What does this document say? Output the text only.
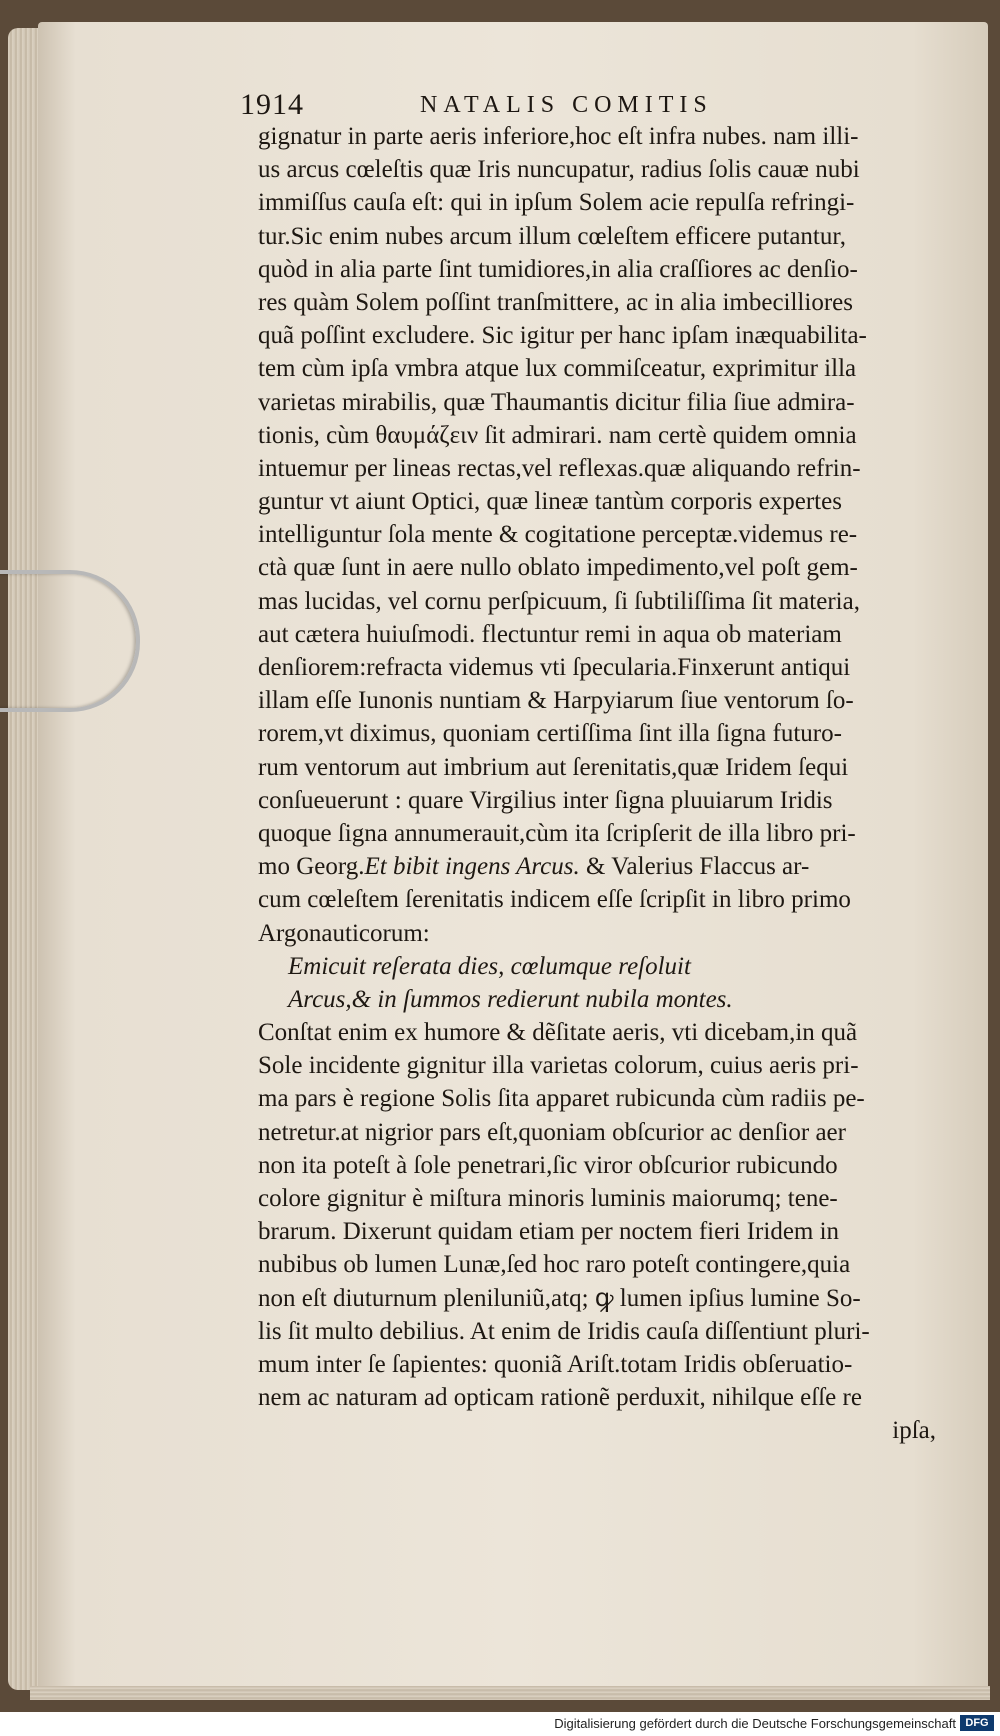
1914	NATALIS COMITIS
gignatur in parte aeris inferiore,hoc eſt infra nubes. nam illi-
us arcus cœleſtis quæ Iris nuncupatur, radius ſolis cauæ nubi
immiſſus cauſa eſt: qui in ipſum Solem acie repulſa refringi-
tur.Sic enim nubes arcum illum cœleſtem efficere putantur,
quòd in alia parte ſint tumidiores,in alia craſſiores ac denſio-
res quàm Solem poſſint tranſmittere, ac in alia imbecilliores
quã poſſint excludere. Sic igitur per hanc ipſam inæquabilita-
tem cùm ipſa vmbra atque lux commiſceatur, exprimitur illa
varietas mirabilis, quæ Thaumantis dicitur filia ſiue admira-
tionis, cùm θαυμάζειν ſit admirari. nam certè quidem omnia
intuemur per lineas rectas,vel reflexas.quæ aliquando refrin-
guntur vt aiunt Optici, quæ lineæ tantùm corporis expertes
intelliguntur ſola mente & cogitatione perceptæ.videmus re-
ctà quæ ſunt in aere nullo oblato impedimento,vel poſt gem-
mas lucidas, vel cornu perſpicuum, ſi ſubtiliſſima ſit materia,
aut cætera huiuſmodi. flectuntur remi in aqua ob materiam
denſiorem:refracta videmus vti ſpecularia.Finxerunt antiqui
illam eſſe Iunonis nuntiam & Harpyiarum ſiue ventorum ſo-
rorem,vt diximus, quoniam certiſſima ſint illa ſigna futuro-
rum ventorum aut imbrium aut ſerenitatis,quæ Iridem ſequi
conſueuerunt : quare Virgilius inter ſigna pluuiarum Iridis
quoque ſigna annumerauit,cùm ita ſcripſerit de illa libro pri-
mo Georg.Et bibit ingens Arcus. & Valerius Flaccus ar-
cum cœleſtem ſerenitatis indicem eſſe ſcripſit in libro primo
Argonauticorum:
Emicuit reſerata dies, cœlumque reſoluit
Arcus,& in ſummos redierunt nubila montes.
Conſtat enim ex humore & dẽſitate aeris, vti dicebam,in quã
Sole incidente gignitur illa varietas colorum, cuius aeris pri-
ma pars è regione Solis ſita apparet rubicunda cùm radiis pe-
netretur.at nigrior pars eſt,quoniam obſcurior ac denſior aer
non ita poteſt à ſole penetrari,ſic viror obſcurior rubicundo
colore gignitur è miſtura minoris luminis maiorumq; tene-
brarum. Dixerunt quidam etiam per noctem fieri Iridem in
nubibus ob lumen Lunæ,ſed hoc raro poteſt contingere,quia
non eſt diuturnum pleniluniũ,atq; ꝙ lumen ipſius lumine So-
lis ſit multo debilius. At enim de Iridis cauſa diſſentiunt pluri-
mum inter ſe ſapientes: quoniã Ariſt.totam Iridis obſeruatio-
nem ac naturam ad opticam rationẽ perduxit, nihilque eſſe re
ipſa,
Digitalisierung gefördert durch die Deutsche Forschungsgemeinschaft DFG
